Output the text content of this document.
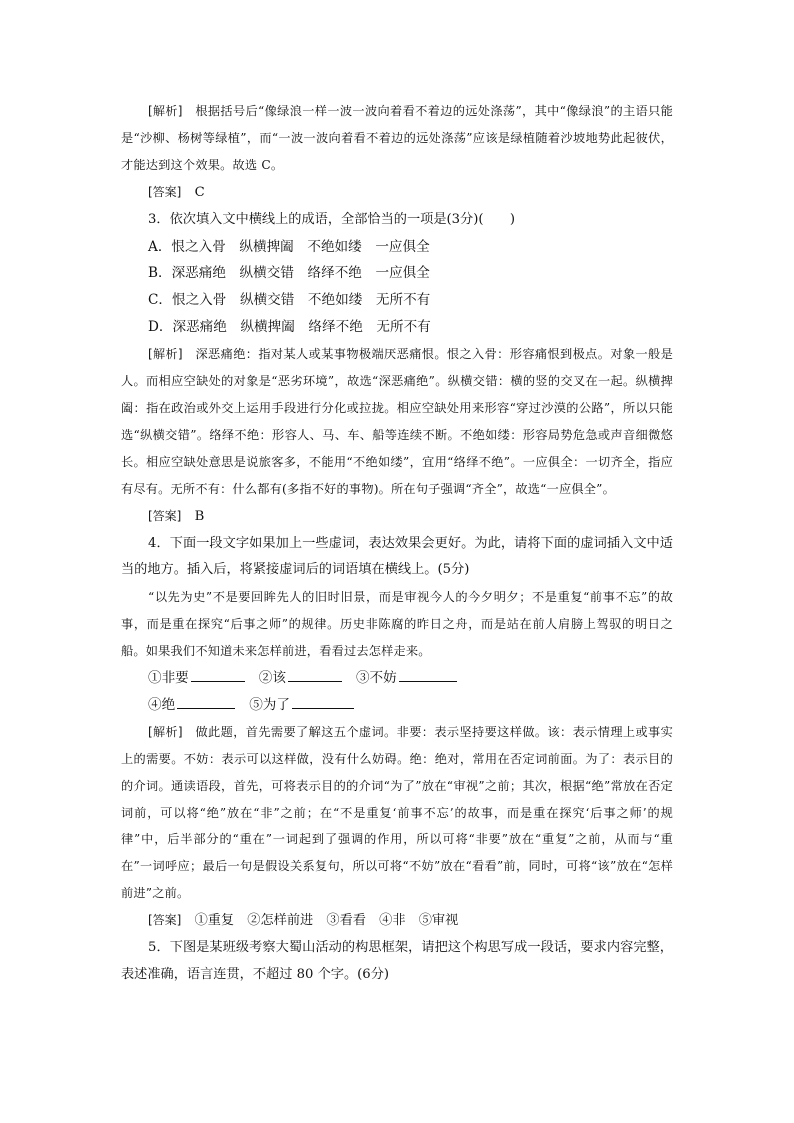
[解析]　 根据括号后“像绿浪一样一波一波向着看不着边的远处涤荡”，其中“像绿浪”的主语只能是“沙柳、杨树等绿植”，而“一波一波向着看不着边的远处涤荡”应该是绿植随着沙坡地势此起彼伏，才能达到这个效果。故选 C。

[答案]　 C

3．依次填入文中横线上的成语，全部恰当的一项是(3分)(　　)

A．恨之入骨　纵横捭阖　不绝如缕　一应俱全

B．深恶痛绝　纵横交错　络绎不绝　一应俱全

C．恨之入骨　纵横交错　不绝如缕　无所不有

D．深恶痛绝　纵横捭阖　络绎不绝　无所不有

[解析]　 深恶痛绝：指对某人或某事物极端厌恶痛恨。恨之入骨：形容痛恨到极点。对象一般是人。而相应空缺处的对象是“恶劣环境”，故选“深恶痛绝”。纵横交错：横的竖的交叉在一起。纵横捭阖：指在政治或外交上运用手段进行分化或拉拢。相应空缺处用来形容“穿过沙漠的公路”，所以只能选“纵横交错”。络绎不绝：形容人、马、车、船等连续不断。不绝如缕：形容局势危急或声音细微悠长。相应空缺处意思是说旅客多，不能用“不绝如缕”，宜用“络绎不绝”。一应俱全：一切齐全，指应有尽有。无所不有：什么都有(多指不好的事物)。所在句子强调“齐全”，故选“一应俱全”。

[答案]　 B

4．下面一段文字如果加上一些虚词，表达效果会更好。为此，请将下面的虚词插入文中适当的地方。插入后，将紧接虚词后的词语填在横线上。(5分)

“以先为史”不是要回眸先人的旧时旧景，而是审视今人的今夕明夕；不是重复“前事不忘”的故事，而是重在探究“后事之师”的规律。历史非陈腐的昨日之舟，而是站在前人肩膀上驾驭的明日之船。如果我们不知道未来怎样前进，看看过去怎样走来。

①非要	②该	③不妨

④绝	⑤为了

[解析]　 做此题，首先需要了解这五个虚词。非要：表示坚持要这样做。该：表示情理上或事实上的需要。不妨：表示可以这样做，没有什么妨碍。绝：绝对，常用在否定词前面。为了：表示目的的介词。通读语段，首先，可将表示目的的介词“为了”放在“审视”之前；其次，根据“绝”常放在否定词前，可以将“绝”放在“非”之前；在“不是重复‘前事不忘’的故事，而是重在探究‘后事之师’的规律”中，后半部分的“重在”一词起到了强调的作用，所以可将“非要”放在“重复”之前，从而与“重在”一词呼应；最后一句是假设关系复句，所以可将“不妨”放在“看看”前，同时，可将“该”放在“怎样前进”之前。

[答案]　 ①重复　②怎样前进　③看看　④非　⑤审视

5．下图是某班级考察大蜀山活动的构思框架，请把这个构思写成一段话，要求内容完整，表述准确，语言连贯，不超过 80 个字。(6分)
